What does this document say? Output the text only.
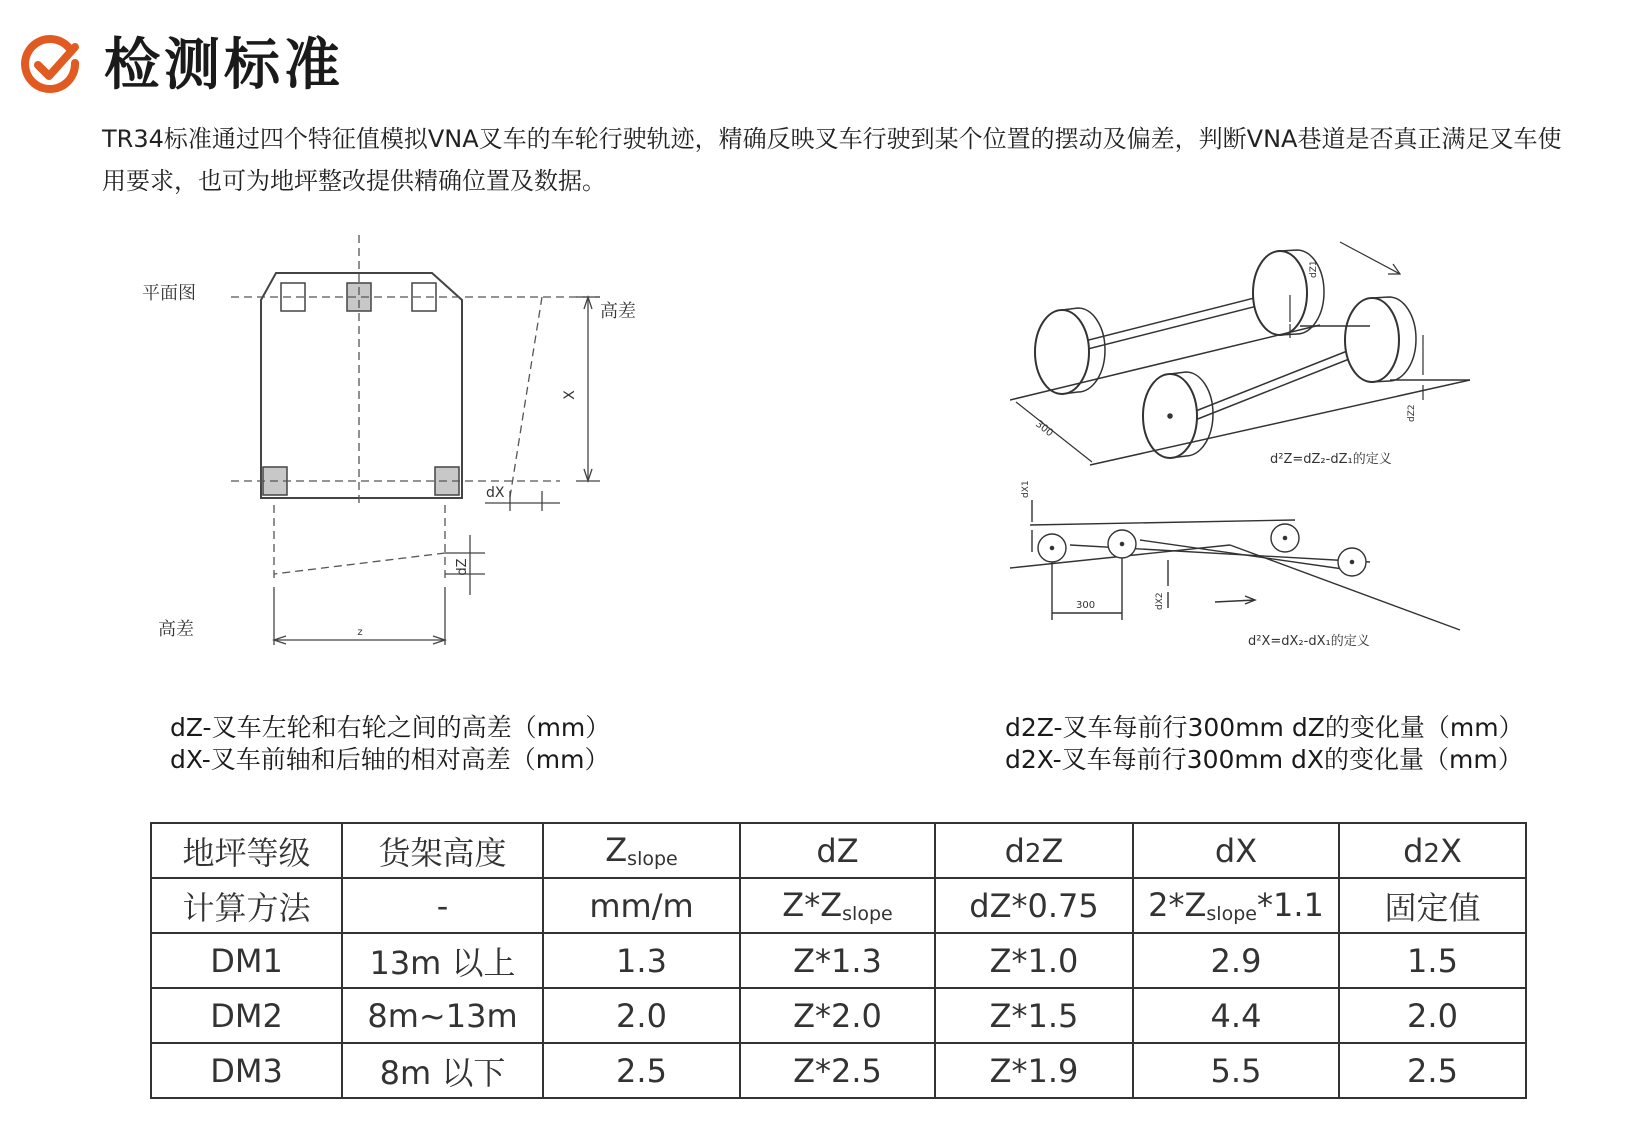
检测标准
TR34标准通过四个特征值模拟VNA叉车的车轮行驶轨迹，精确反映叉车行驶到某个位置的摆动及偏差，判断VNA巷道是否真正满足叉车使用要求，也可为地坪整改提供精确位置及数据。
平面图
高差
高差
X
dX
dZ
z
dZ1
dZ2
300
d²Z=dZ₂-dZ₁的定义
dX1
dX2
300
d²X=dX₂-dX₁的定义
dZ-叉车左轮和右轮之间的高差（mm）
dX-叉车前轴和后轴的相对高差（mm）
d2Z-叉车每前行300mm dZ的变化量（mm）
d2X-叉车每前行300mm dX的变化量（mm）
地坪等级	货架高度	$Z_{slope}$	dZ	d2Z	dX	d2X
计算方法	-	mm/m	$Z*Z_{slope}$	dZ*0.75	$2*Z_{slope}*1.1$	固定值
DM1	13m 以上	1.3	Z*1.3	Z*1.0	2.9	1.5
DM2	8m~13m	2.0	Z*2.0	Z*1.5	4.4	2.0
DM3	8m 以下	2.5	Z*2.5	Z*1.9	5.5	2.5
